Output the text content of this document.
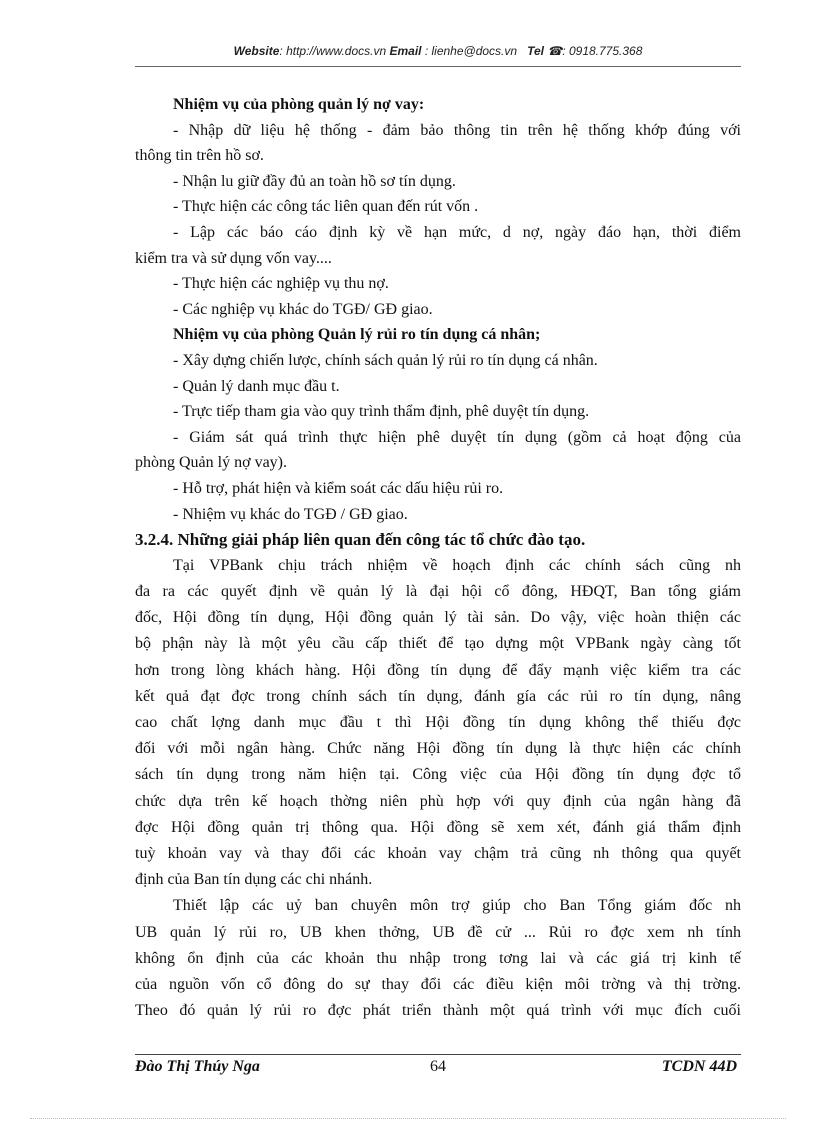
Website: http://www.docs.vn Email : lienhe@docs.vn Tel ☎: 0918.775.368
Nhiệm vụ của phòng quản lý nợ vay:
- Nhập dữ liệu hệ thống - đảm bảo thông tin trên hệ thống khớp đúng với
thông tin trên hồ sơ.
- Nhận lu giữ đầy đủ an toàn hồ sơ tín dụng.
- Thực hiện các công tác liên quan đến rút vốn .
- Lập các báo cáo định kỳ về hạn mức, d nợ, ngày đáo hạn, thời điểm
kiểm tra và sử dụng vốn vay....
- Thực hiện các nghiệp vụ thu nợ.
- Các nghiệp vụ khác do TGĐ/ GĐ giao.
Nhiệm vụ của phòng Quản lý rủi ro tín dụng cá nhân;
- Xây dựng chiến lược, chính sách quản lý rủi ro tín dụng cá nhân.
- Quản lý danh mục đầu t.
- Trực tiếp tham gia vào quy trình thẩm định, phê duyệt tín dụng.
- Giám sát quá trình thực hiện phê duyệt tín dụng (gồm cả hoạt động của
phòng Quản lý nợ vay).
- Hỗ trợ, phát hiện và kiểm soát các dấu hiệu rủi ro.
- Nhiệm vụ khác do TGĐ / GĐ giao.
3.2.4. Những giải pháp liên quan đến công tác tổ chức đào tạo.
Tại VPBank chịu trách nhiệm về hoạch định các chính sách cũng nh
đa ra các quyết định về quản lý là đại hội cổ đông, HĐQT, Ban tổng giám
đốc, Hội đồng tín dụng, Hội đồng quản lý tài sản. Do vậy, việc hoàn thiện các
bộ phận này là một yêu cầu cấp thiết để tạo dựng một VPBank ngày càng tốt
hơn trong lòng khách hàng. Hội đồng tín dụng để đẩy mạnh việc kiểm tra các
kết quả đạt đợc trong chính sách tín dụng, đánh gía các rủi ro tín dụng, nâng
cao chất lợng danh mục đầu t thì Hội đồng tín dụng không thể thiếu đợc
đối với mỗi ngân hàng. Chức năng Hội đồng tín dụng là thực hiện các chính
sách tín dụng trong năm hiện tại. Công việc của Hội đồng tín dụng đợc tổ
chức dựa trên kế hoạch thờng niên phù hợp với quy định của ngân hàng đã
đợc Hội đồng quản trị thông qua. Hội đồng sẽ xem xét, đánh giá thẩm định
tuỳ khoản vay và thay đổi các khoản vay chậm trả cũng nh thông qua quyết
định của Ban tín dụng các chi nhánh.
Thiết lập các uỷ ban chuyên môn trợ giúp cho Ban Tổng giám đốc nh
UB quản lý rủi ro, UB khen thởng, UB đề cử ... Rủi ro đợc xem nh tính
không ổn định của các khoản thu nhập trong tơng lai và các giá trị kinh tế
của nguồn vốn cổ đông do sự thay đổi các điều kiện môi trờng và thị trờng.
Theo đó quản lý rủi ro đợc phát triển thành một quá trình với mục đích cuối
Đào Thị Thúy Nga	64	TCDN 44D
